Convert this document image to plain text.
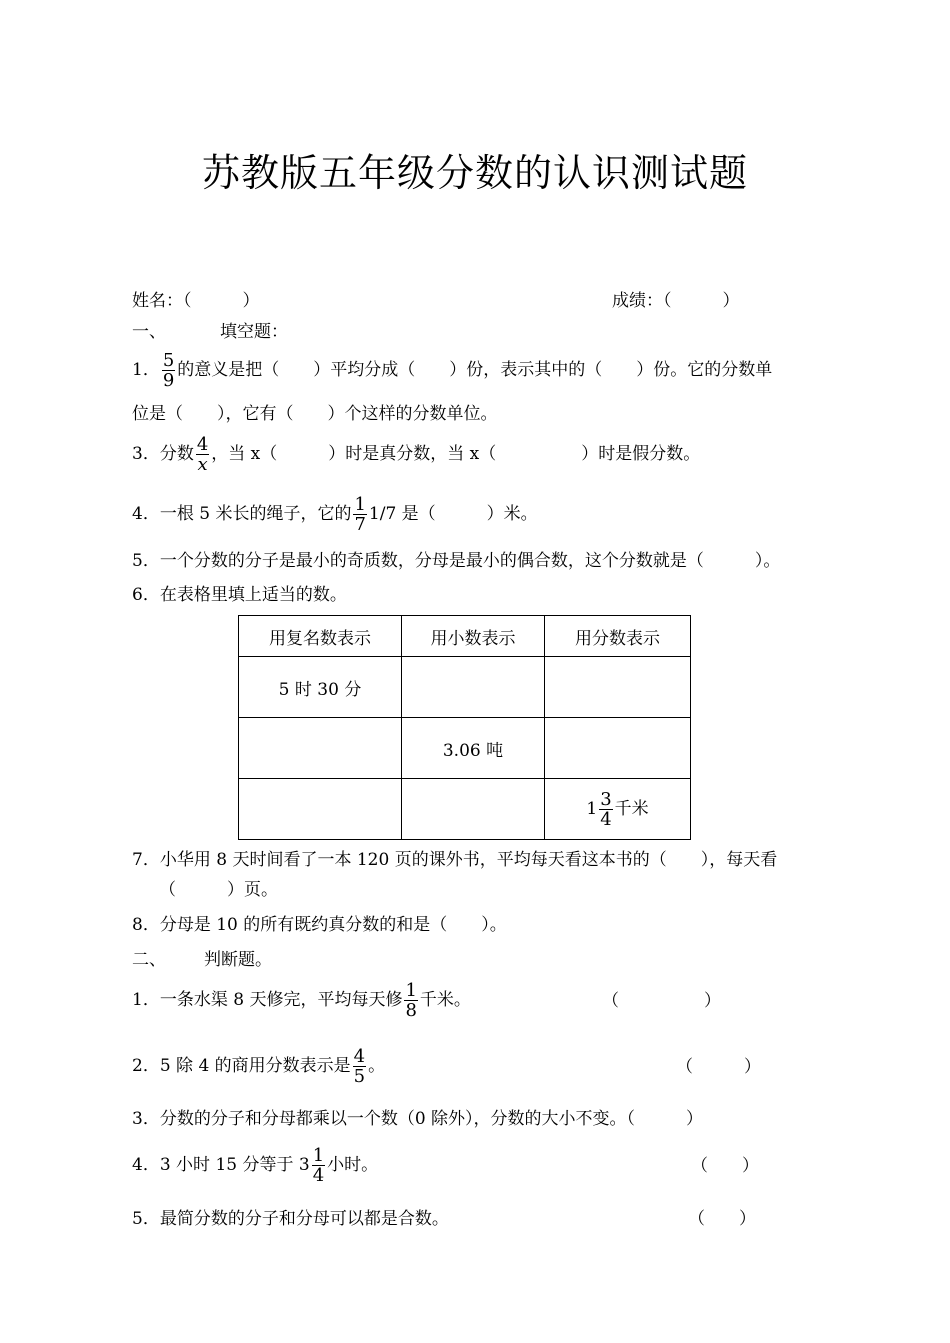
苏教版五年级分数的认识测试题
姓名：（　　　）	成绩：（　　　）
一、	填空题：
1． $\frac{5}{9}$ 的意义是把（　　）平均分成（　　）份，表示其中的（　　）份。它的分数单
位是（　　），它有（　　）个这样的分数单位。
3．分数 $\frac{4}{x}$ ，当 x（　　　）时是真分数，当 x（　　　　　）时是假分数。
4．一根 5 米长的绳子，它的 $\frac{1}{7} 1/7$ 是（　　　）米。
5．一个分数的分子是最小的奇质数，分母是最小的偶合数，这个分数就是（　　　）。
6．在表格里填上适当的数。
用复名数表示	用小数表示	用分数表示
5 时 30 分		
	3.06 吨	
		$1 \frac{3}{4}$ 千米
7．小华用 8 天时间看了一本 120 页的课外书，平均每天看这本书的（　　），每天看
（　　　）页。
8．分母是 10 的所有既约真分数的和是（　　）。
二、 判断题。
1．一条水渠 8 天修完，平均每天修 $\frac{1}{8}$ 千米。	（　　　　　）
2．5 除 4 的商用分数表示是 $\frac{4}{5}$ 。	（　　　）
3．分数的分子和分母都乘以一个数（0 除外），分数的大小不变。（　　　）
4．3 小时 15 分等于 $3 \frac{1}{4}$ 小时。	（　　）
5．最简分数的分子和分母可以都是合数。	（　　）
